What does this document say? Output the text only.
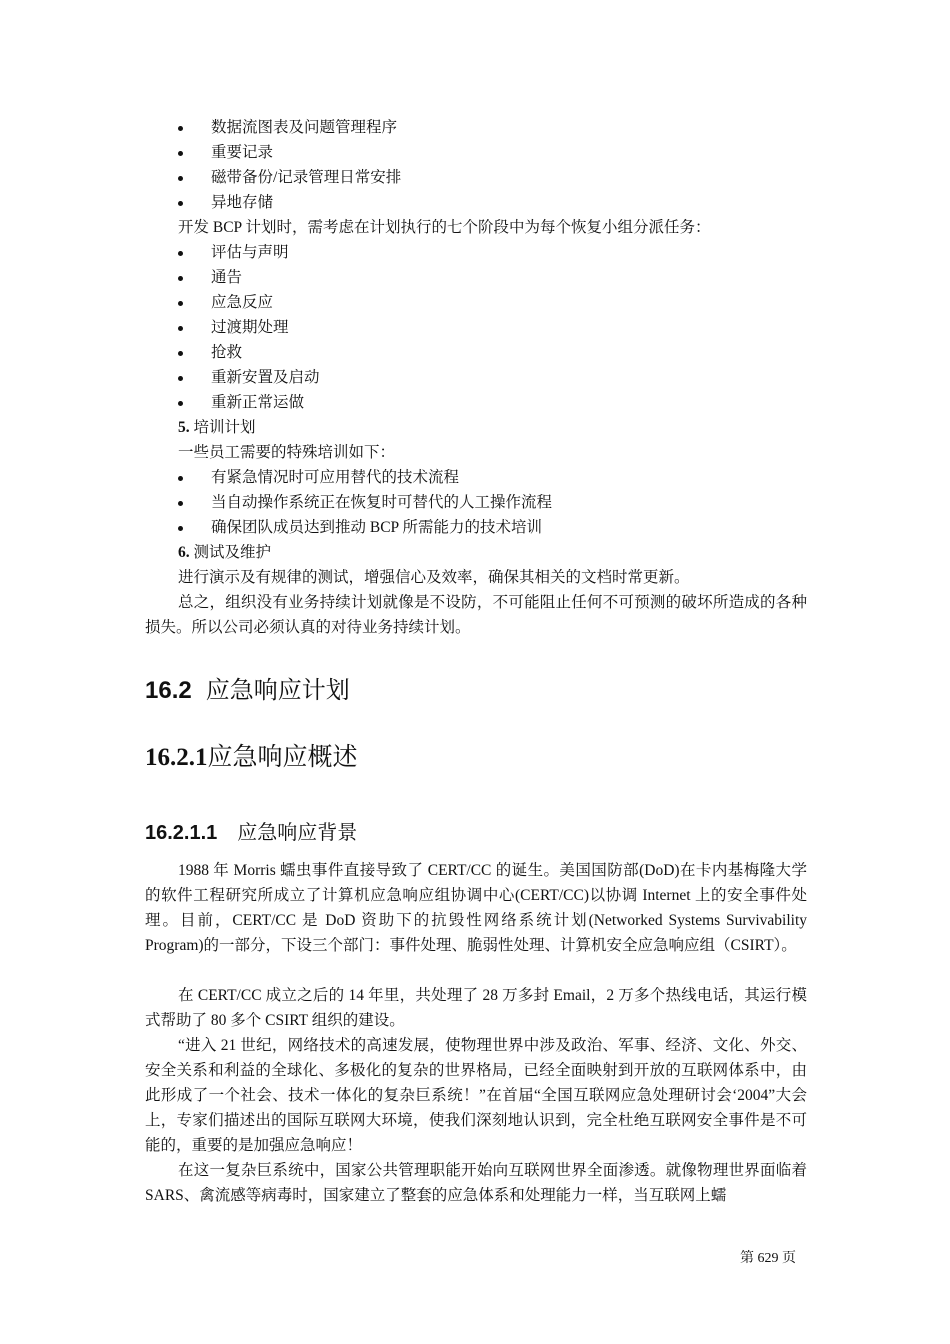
数据流图表及问题管理程序
重要记录
磁带备份/记录管理日常安排
异地存储
开发 BCP 计划时，需考虑在计划执行的七个阶段中为每个恢复小组分派任务：
评估与声明
通告
应急反应
过渡期处理
抢救
重新安置及启动
重新正常运做
5. 培训计划
一些员工需要的特殊培训如下：
有紧急情况时可应用替代的技术流程
当自动操作系统正在恢复时可替代的人工操作流程
确保团队成员达到推动 BCP 所需能力的技术培训
6. 测试及维护
进行演示及有规律的测试，增强信心及效率，确保其相关的文档时常更新。

总之，组织没有业务持续计划就像是不设防，不可能阻止任何不可预测的破坏所造成的各种损失。所以公司必须认真的对待业务持续计划。

16.2 应急响应计划
16.2.1应急响应概述
16.2.1.1 应急响应背景

1988 年 Morris 蠕虫事件直接导致了 CERT/CC 的诞生。美国国防部(DoD)在卡内基梅隆大学的软件工程研究所成立了计算机应急响应组协调中心(CERT/CC)以协调 Internet 上的安全事件处理。目前，CERT/CC 是 DoD 资助下的抗毁性网络系统计划(Networked Systems Survivability Program)的一部分，下设三个部门：事件处理、脆弱性处理、计算机安全应急响应组（CSIRT）。

在 CERT/CC 成立之后的 14 年里，共处理了 28 万多封 Email，2 万多个热线电话，其运行模式帮助了 80 多个 CSIRT 组织的建设。

“进入 21 世纪，网络技术的高速发展，使物理世界中涉及政治、军事、经济、文化、外交、安全关系和利益的全球化、多极化的复杂的世界格局，已经全面映射到开放的互联网体系中，由此形成了一个社会、技术一体化的复杂巨系统！”在首届“全国互联网应急处理研讨会‘2004”大会上，专家们描述出的国际互联网大环境，使我们深刻地认识到，完全杜绝互联网安全事件是不可能的，重要的是加强应急响应！

在这一复杂巨系统中，国家公共管理职能开始向互联网世界全面渗透。就像物理世界面临着 SARS、禽流感等病毒时，国家建立了整套的应急体系和处理能力一样，当互联网上蠕

第 629 页
